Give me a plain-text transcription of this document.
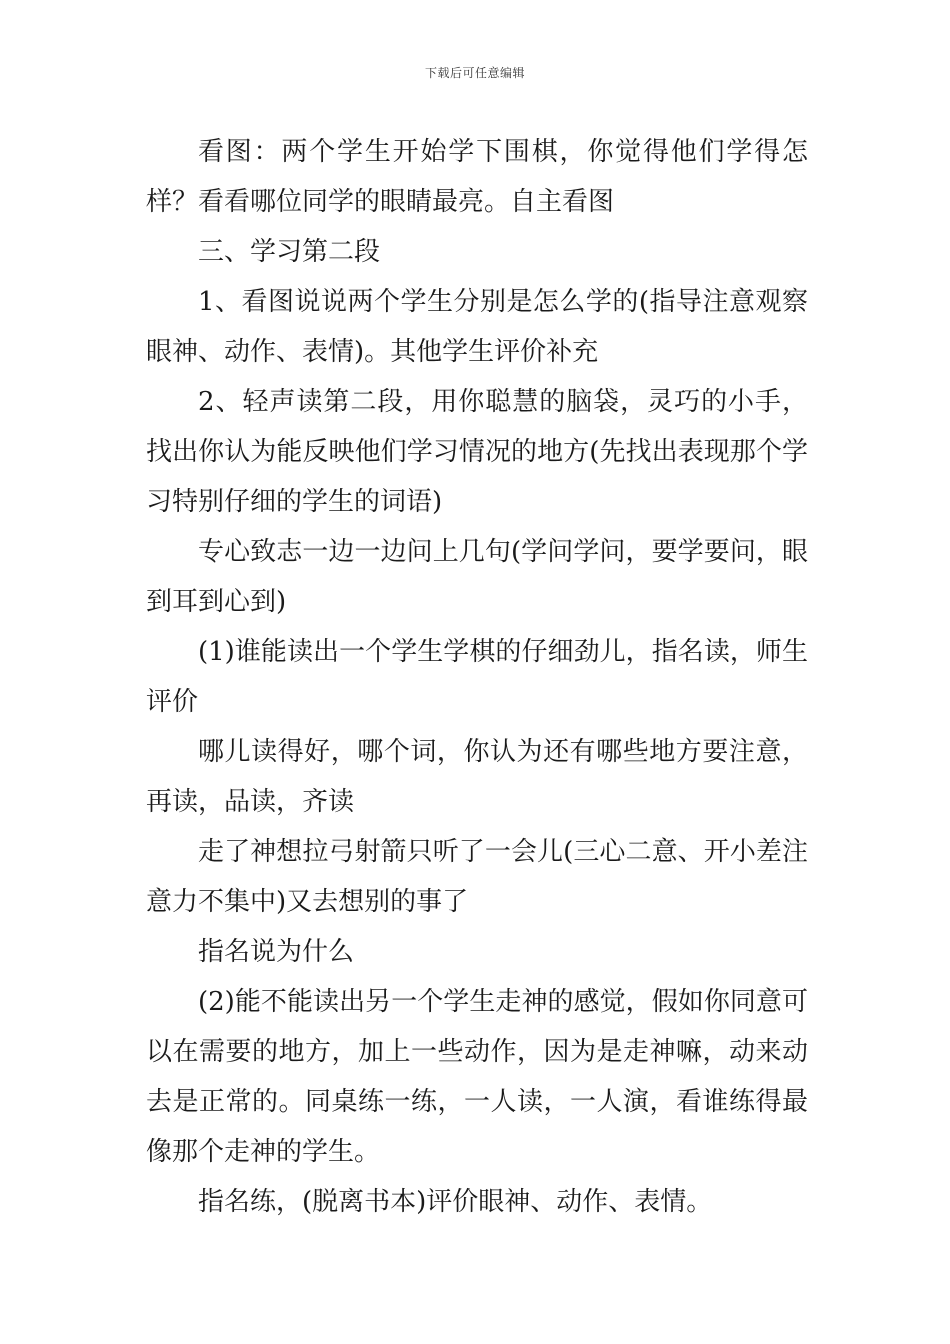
下载后可任意编辑

看图：两个学生开始学下围棋，你觉得他们学得怎样？看看哪位同学的眼睛最亮。自主看图

三、学习第二段

1、看图说说两个学生分别是怎么学的(指导注意观察眼神、动作、表情)。其他学生评价补充

2、轻声读第二段，用你聪慧的脑袋，灵巧的小手，找出你认为能反映他们学习情况的地方(先找出表现那个学习特别仔细的学生的词语)

专心致志一边一边问上几句(学问学问，要学要问，眼到耳到心到)

(1)谁能读出一个学生学棋的仔细劲儿，指名读，师生评价

哪儿读得好，哪个词，你认为还有哪些地方要注意，再读，品读，齐读

走了神想拉弓射箭只听了一会儿(三心二意、开小差注意力不集中)又去想别的事了

指名说为什么

(2)能不能读出另一个学生走神的感觉，假如你同意可以在需要的地方，加上一些动作，因为是走神嘛，动来动去是正常的。同桌练一练，一人读，一人演，看谁练得最像那个走神的学生。

指名练，(脱离书本)评价眼神、动作、表情。
